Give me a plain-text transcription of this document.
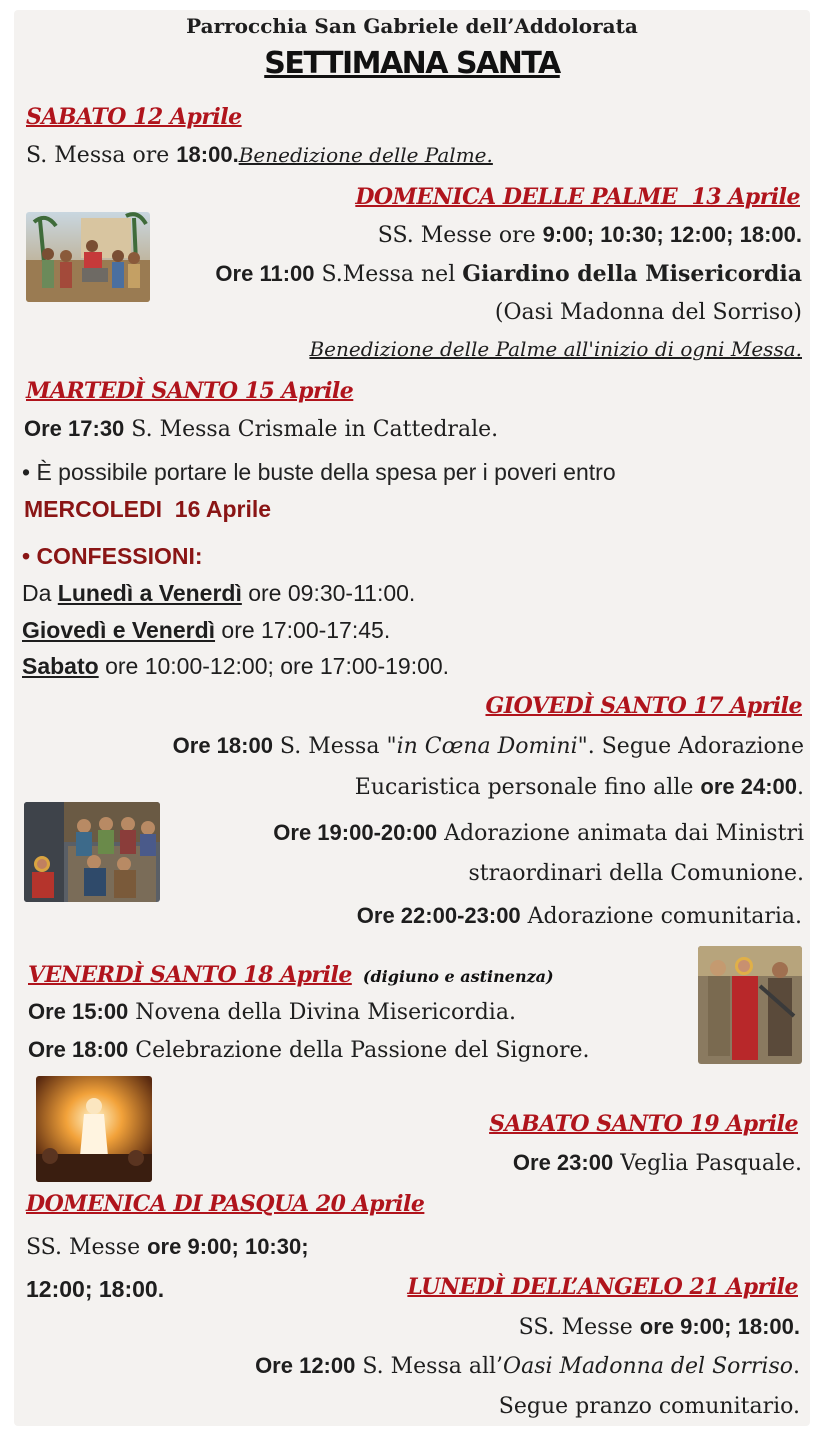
Parrocchia San Gabriele dell’Addolorata
SETTIMANA SANTA
SABATO 12 Aprile
S. Messa ore 18:00.Benedizione delle Palme.
DOMENICA DELLE PALME  13 Aprile
SS. Messe ore 9:00; 10:30; 12:00; 18:00.
Ore 11:00 S.Messa nel Giardino della Misericordia
(Oasi Madonna del Sorriso)
Benedizione delle Palme all'inizio di ogni Messa.
MARTEDÌ SANTO 15 Aprile
Ore 17:30 S. Messa Crismale in Cattedrale.
• È possibile portare le buste della spesa per i poveri entro
MERCOLEDI  16 Aprile
• CONFESSIONI:
Da Lunedì a Venerdì ore 09:30-11:00.
Giovedì e Venerdì ore 17:00-17:45.
Sabato ore 10:00-12:00; ore 17:00-19:00.
GIOVEDÌ SANTO 17 Aprile
Ore 18:00 S. Messa "in Cœna Domini". Segue Adorazione
Eucaristica personale fino alle ore 24:00.
Ore 19:00-20:00 Adorazione animata dai Ministri
straordinari della Comunione.
Ore 22:00-23:00 Adorazione comunitaria.
VENERDÌ SANTO 18 Aprile (digiuno e astinenza)
Ore 15:00 Novena della Divina Misericordia.
Ore 18:00 Celebrazione della Passione del Signore.
SABATO SANTO 19 Aprile
Ore 23:00 Veglia Pasquale.
DOMENICA DI PASQUA 20 Aprile
SS. Messe ore 9:00; 10:30;
12:00; 18:00.	LUNEDÌ DELL’ANGELO 21 Aprile
SS. Messe ore 9:00; 18:00.
Ore 12:00 S. Messa all’Oasi Madonna del Sorriso.
Segue pranzo comunitario.
